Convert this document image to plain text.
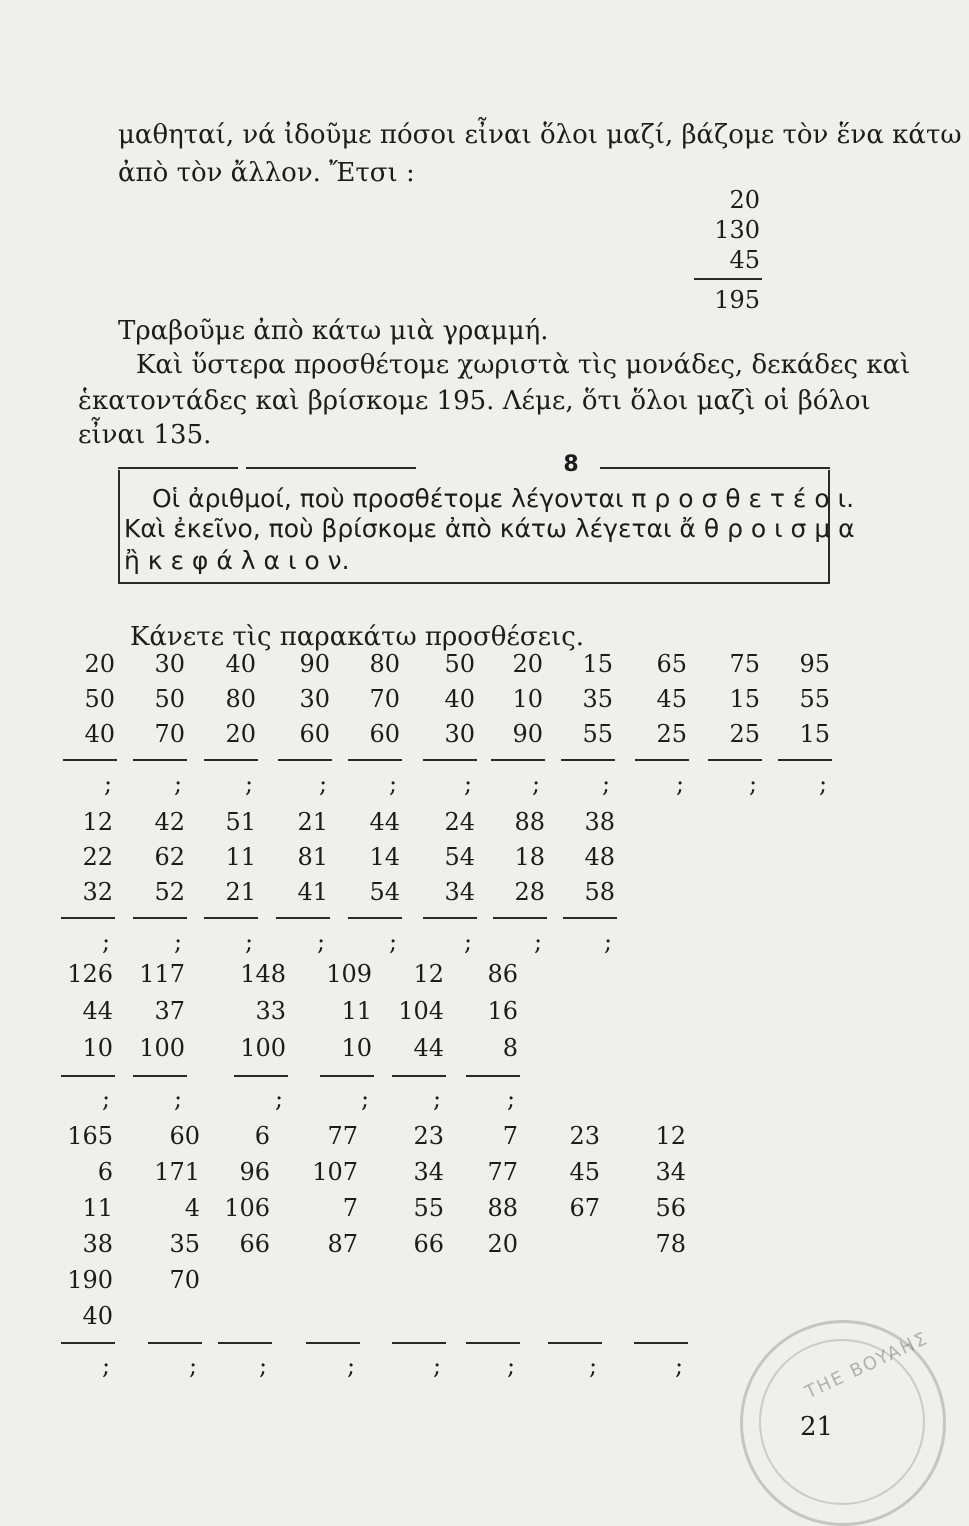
μαθηταί, νά ἰδοῦμε πόσοι εἶναι ὅλοι μαζί, βάζομε τὸν ἕνα κάτω
ἀπὸ τὸν ἄλλον. Ἔτσι :
20
130
45
195
Τραβοῦμε ἀπὸ κάτω μιὰ γραμμή.
Καὶ ὕστερα προσθέτομε χωριστὰ τὶς μονάδες, δεκάδες καὶ
ἑκατοντάδες καὶ βρίσκομε 195. Λέμε, ὅτι ὅλοι μαζὶ οἱ βόλοι
εἶναι 135.
8
Οἱ ἀριθμοί, ποὺ προσθέτομε λέγονται π ρ ο σ θ ε τ έ ο ι.
Καὶ ἐκεῖνο, ποὺ βρίσκομε ἀπὸ κάτω λέγεται ἄ θ ρ ο ι σ μ α
ἢ κ ε φ ά λ α ι ο ν.
Κάνετε τὶς παρακάτω προσθέσεις.
20
50
40
;
30
50
70
;
40
80
20
;
90
30
60
;
80
70
60
;
50
40
30
;
20
10
90
;
15
35
55
;
65
45
25
;
75
15
25
;
95
55
15
;
12
22
32
;
42
62
52
;
51
11
21
;
21
81
41
;
44
14
54
;
24
54
34
;
88
18
28
;
38
48
58
;
126
44
10
;
117
37
100
;
148
33
100
;
109
11
10
;
12
104
44
;
86
16
8
;
165
6
11
38
190
40
;
60
171
4
35
70
;
6
96
106
66
;
77
107
7
87
;
23
34
55
66
;
7
77
88
20
;
23
45
67
;
12
34
56
78
;	THE BOYAHΣ
21
